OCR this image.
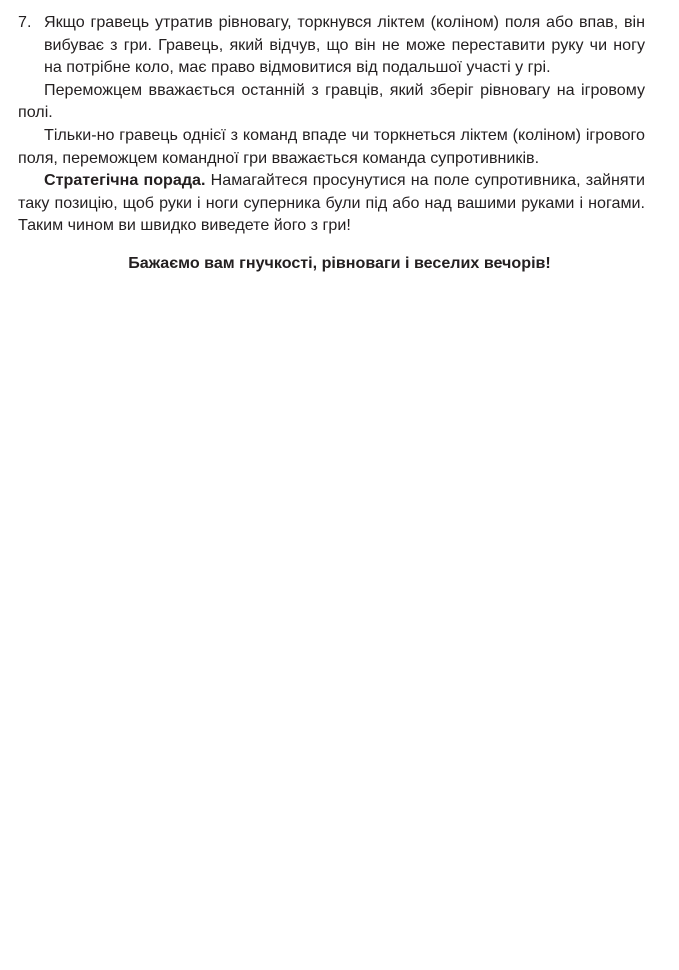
7. Якщо гравець утратив рівновагу, торкнувся ліктем (коліном) поля або впав, він вибуває з гри. Гравець, який відчув, що він не може переставити руку чи ногу на потрібне коло, має право відмовитися від подальшої участі у грі.

Переможцем вважається останній з гравців, який зберіг рівновагу на ігровому полі.

Тільки-но гравець однієї з команд впаде чи торкнеться ліктем (коліном) ігрового поля, переможцем командної гри вважається команда супротивників.

Стратегічна порада. Намагайтеся просунутися на поле супротивника, зайняти таку позицію, щоб руки і ноги суперника були під або над вашими руками і ногами. Таким чином ви швидко виведете його з гри!

Бажаємо вам гнучкості, рівноваги і веселих вечорів!
